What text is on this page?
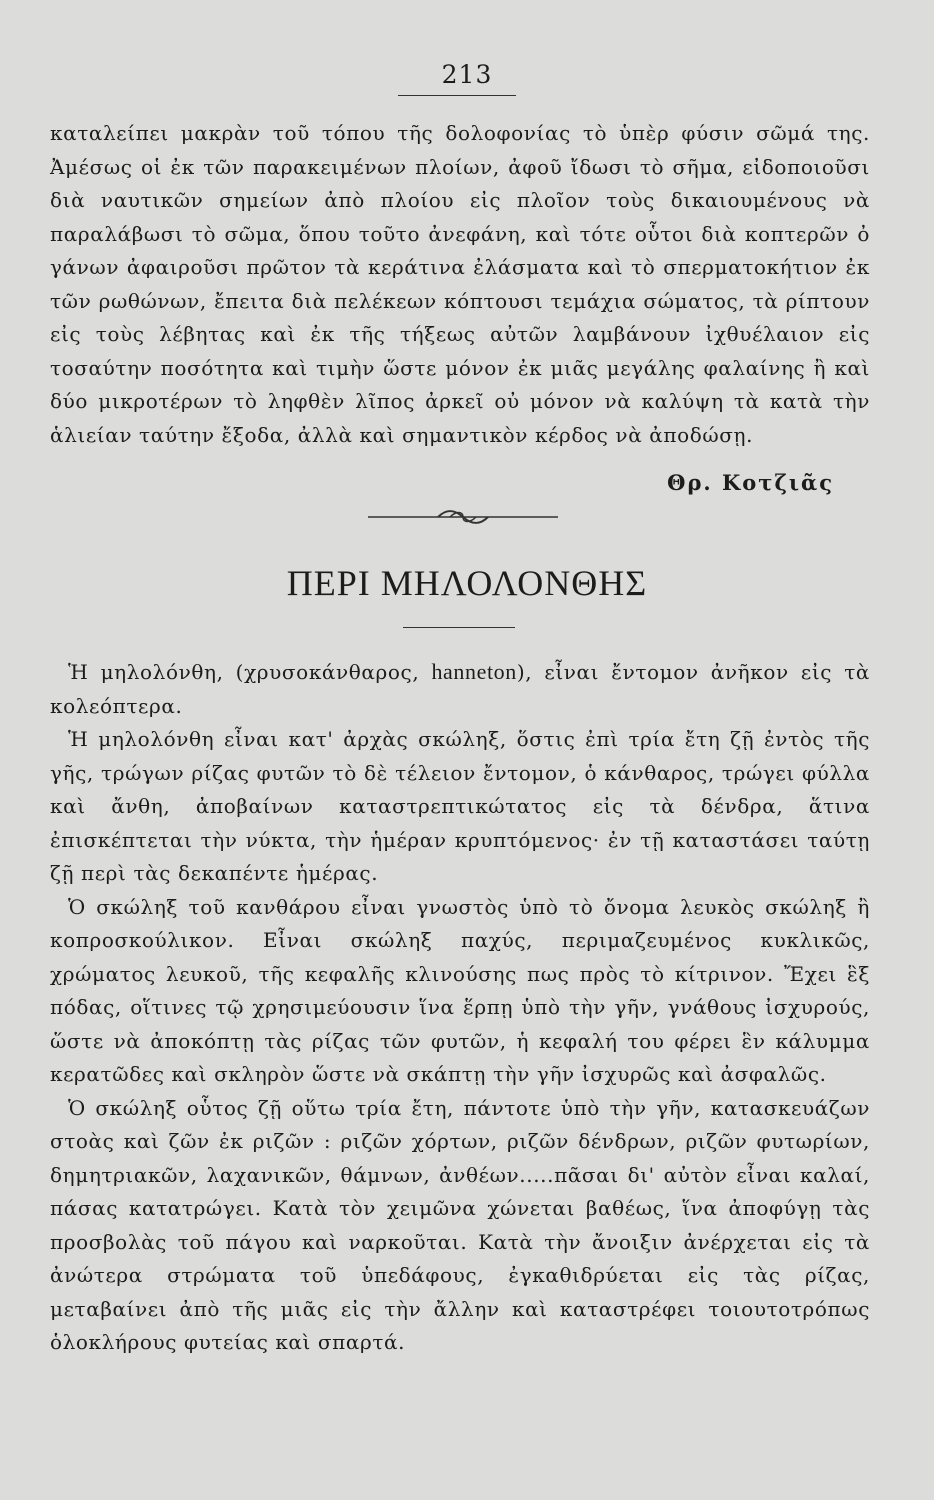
213

καταλείπει μακρὰν τοῦ τόπου τῆς δολοφονίας τὸ ὑπὲρ φύσιν σῶμά της. Ἀμέσως οἱ ἐκ τῶν παρακειμένων πλοίων, ἀφοῦ ἴδωσι τὸ σῆμα, εἰδοποιοῦσι διὰ ναυτικῶν σημείων ἀπὸ πλοίου εἰς πλοῖον τοὺς δικαιουμένους νὰ παραλάβωσι τὸ σῶμα, ὅπου τοῦτο ἀνεφάνη, καὶ τότε οὗτοι διὰ κοπτερῶν ὀ γάνων ἀφαιροῦσι πρῶτον τὰ κεράτινα ἐλάσματα καὶ τὸ σπερματοκήτιον ἐκ τῶν ρωθώνων, ἔπειτα διὰ πελέκεων κόπτουσι τεμάχια σώματος, τὰ ρίπτουν εἰς τοὺς λέβητας καὶ ἐκ τῆς τήξεως αὐτῶν λαμβάνουν ἰχθυέλαιον εἰς τοσαύτην ποσότητα καὶ τιμὴν ὥστε μόνον ἐκ μιᾶς μεγάλης φαλαίνης ἢ καὶ δύο μικροτέρων τὸ ληφθὲν λῖπος ἀρκεῖ οὐ μόνον νὰ καλύψη τὰ κατὰ τὴν ἁλιείαν ταύτην ἔξοδα, ἀλλὰ καὶ σημαντικὸν κέρδος νὰ ἀποδώσῃ.

Θρ. Κοτζιᾶς
ΠΕΡΙ ΜΗΛΟΛΟΝΘΗΣ

Ἡ μηλολόνθη, (χρυσοκάνθαρος, hanneton), εἶναι ἔντομον ἀνῆκον εἰς τὰ κολεόπτερα.

Ἡ μηλολόνθη εἶναι κατ' ἀρχὰς σκώληξ, ὅστις ἐπὶ τρία ἔτη ζῇ ἐντὸς τῆς γῆς, τρώγων ρίζας φυτῶν τὸ δὲ τέλειον ἔντομον, ὁ κάνθαρος, τρώγει φύλλα καὶ ἄνθη, ἀποβαίνων καταστρεπτικώτατος εἰς τὰ δένδρα, ἅτινα ἐπισκέπτεται τὴν νύκτα, τὴν ἡμέραν κρυπτόμενος· ἐν τῇ καταστάσει ταύτῃ ζῇ περὶ τὰς δεκαπέντε ἡμέρας.

Ὁ σκώληξ τοῦ κανθάρου εἶναι γνωστὸς ὑπὸ τὸ ὄνομα λευκὸς σκώληξ ἢ κοπροσκούλικον. Εἶναι σκώληξ παχύς, περιμαζευμένος κυκλικῶς, χρώματος λευκοῦ, τῆς κεφαλῆς κλινούσης πως πρὸς τὸ κίτρινον. Ἔχει ἓξ πόδας, οἵτινες τῷ χρησιμεύουσιν ἵνα ἕρπῃ ὑπὸ τὴν γῆν, γνάθους ἰσχυρούς, ὥστε νὰ ἀποκόπτῃ τὰς ρίζας τῶν φυτῶν, ἡ κεφαλή του φέρει ἓν κάλυμμα κερατῶδες καὶ σκληρὸν ὥστε νὰ σκάπτῃ τὴν γῆν ἰσχυρῶς καὶ ἀσφαλῶς.

Ὁ σκώληξ οὗτος ζῇ οὕτω τρία ἔτη, πάντοτε ὑπὸ τὴν γῆν, κατασκευάζων στοὰς καὶ ζῶν ἐκ ριζῶν : ριζῶν χόρτων, ριζῶν δένδρων, ριζῶν φυτωρίων, δημητριακῶν, λαχανικῶν, θάμνων, ἀνθέων.....πᾶσαι δι' αὐτὸν εἶναι καλαί, πάσας κατατρώγει. Κατὰ τὸν χειμῶνα χώνεται βαθέως, ἵνα ἀποφύγῃ τὰς προσβολὰς τοῦ πάγου καὶ ναρκοῦται. Κατὰ τὴν ἄνοιξιν ἀνέρχεται εἰς τὰ ἀνώτερα στρώματα τοῦ ὑπεδάφους, ἐγκαθιδρύεται εἰς τὰς ρίζας, μεταβαίνει ἀπὸ τῆς μιᾶς εἰς τὴν ἄλλην καὶ καταστρέφει τοιουτοτρόπως ὁλοκλήρους φυτείας καὶ σπαρτά.
